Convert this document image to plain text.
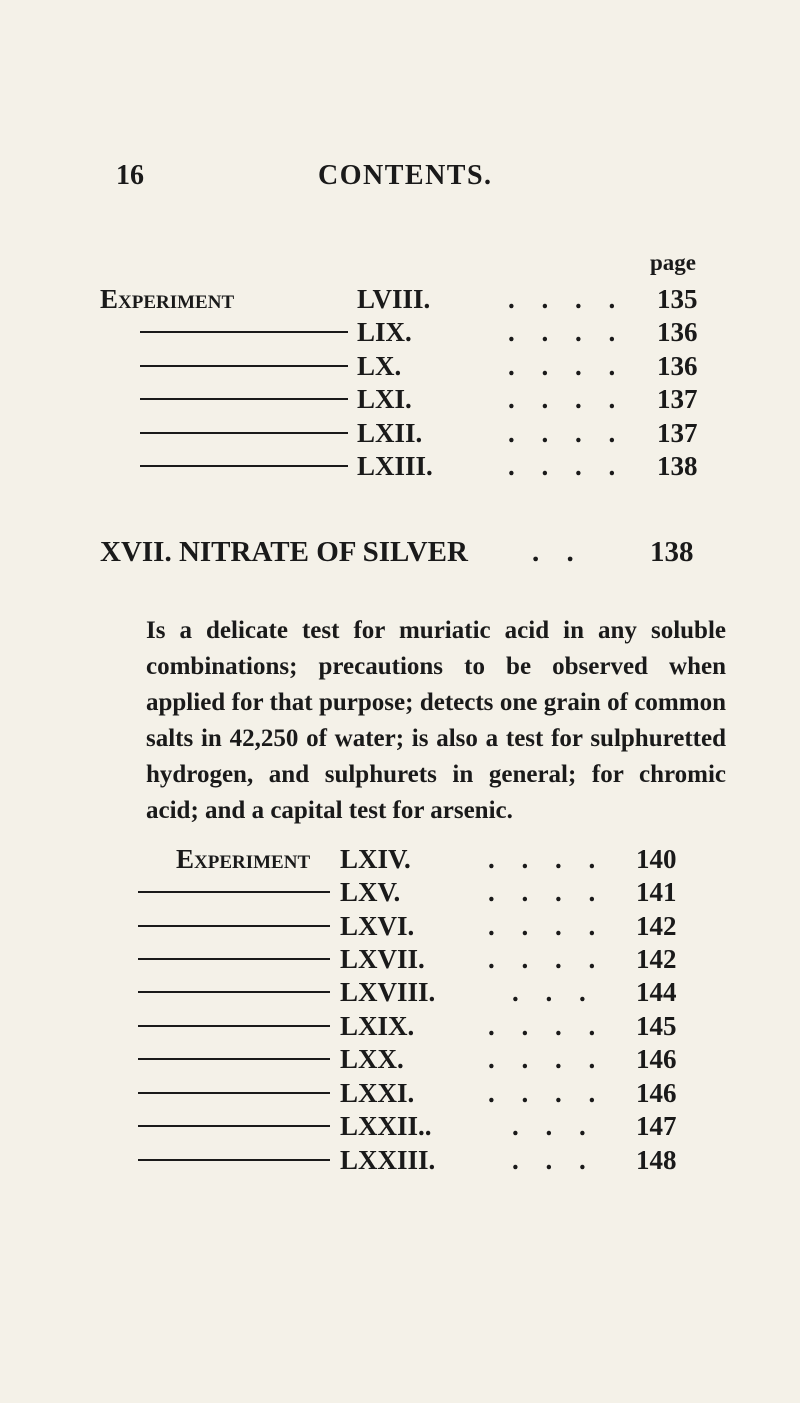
16	CONTENTS.
page
Experiment	LVIII.	. . . . 135
LIX.	. . . . 136
LX.	. . . . 136
LXI.	. . . . 137
LXII.	. . . . 137
LXIII.	. . . . 138
XVII. NITRATE OF SILVER . . 138
Is a delicate test for muriatic acid in any soluble combinations; precautions to be observed when applied for that purpose; detects one grain of common salts in 42,250 of water; is also a test for sulphuretted hydrogen, and sulphurets in general; for chromic acid; and a capital test for arsenic.
Experiment LXIV.	. . . . 140
LXV.	. . . . 141
LXVI.	. . . . 142
LXVII. . . . . 142
LXVIII.	. . . 144
LXIX.	. . . . 145
LXX.	. . . . 146
LXXI.	. . . . 146
LXXII..	. . . 147
LXXIII.	. . . 148
